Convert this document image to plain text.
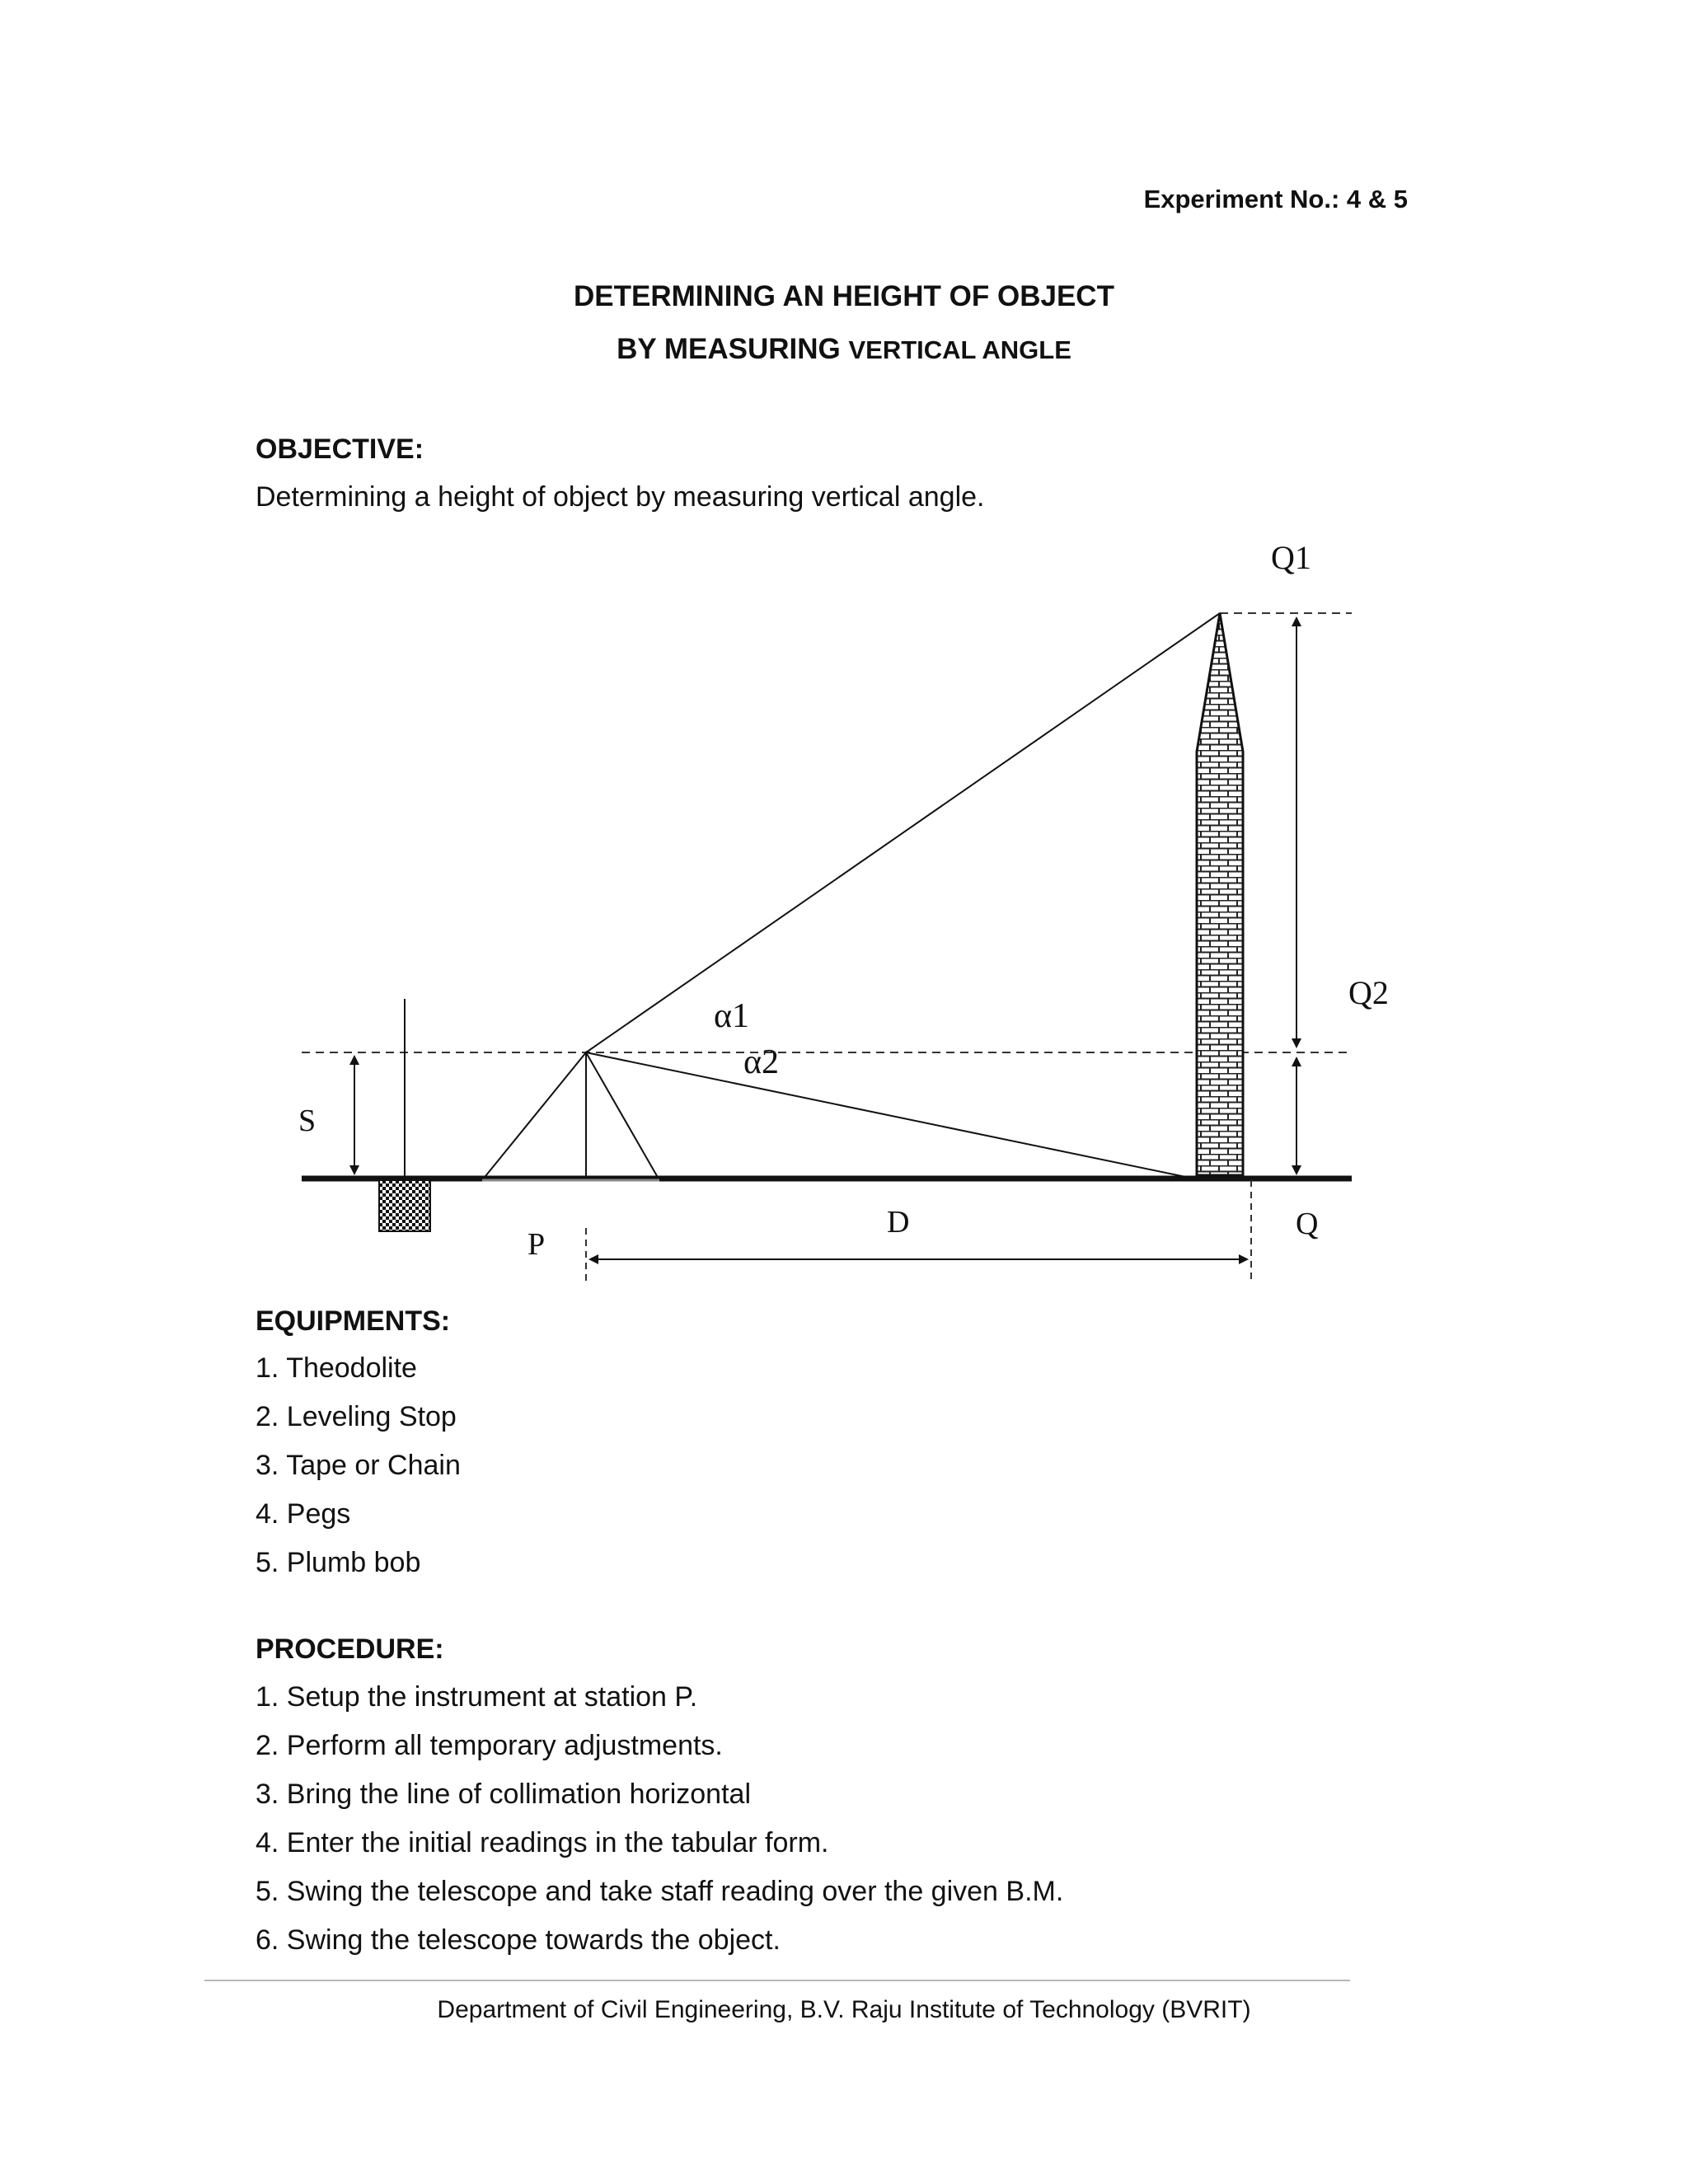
Experiment No.: 4 & 5
DETERMINING AN HEIGHT OF OBJECT
BY MEASURING VERTICAL ANGLE
OBJECTIVE:
Determining a height of object by measuring vertical angle.
Q1
Q2
α1
α2
S
P
D	Q
EQUIPMENTS:
1. Theodolite
2. Leveling Stop
3. Tape or Chain
4. Pegs
5. Plumb bob
PROCEDURE:
1. Setup the instrument at station P.
2. Perform all temporary adjustments.
3. Bring the line of collimation horizontal
4. Enter the initial readings in the tabular form.
5. Swing the telescope and take staff reading over the given B.M.
6. Swing the telescope towards the object.
Department of Civil Engineering, B.V. Raju Institute of Technology (BVRIT)
